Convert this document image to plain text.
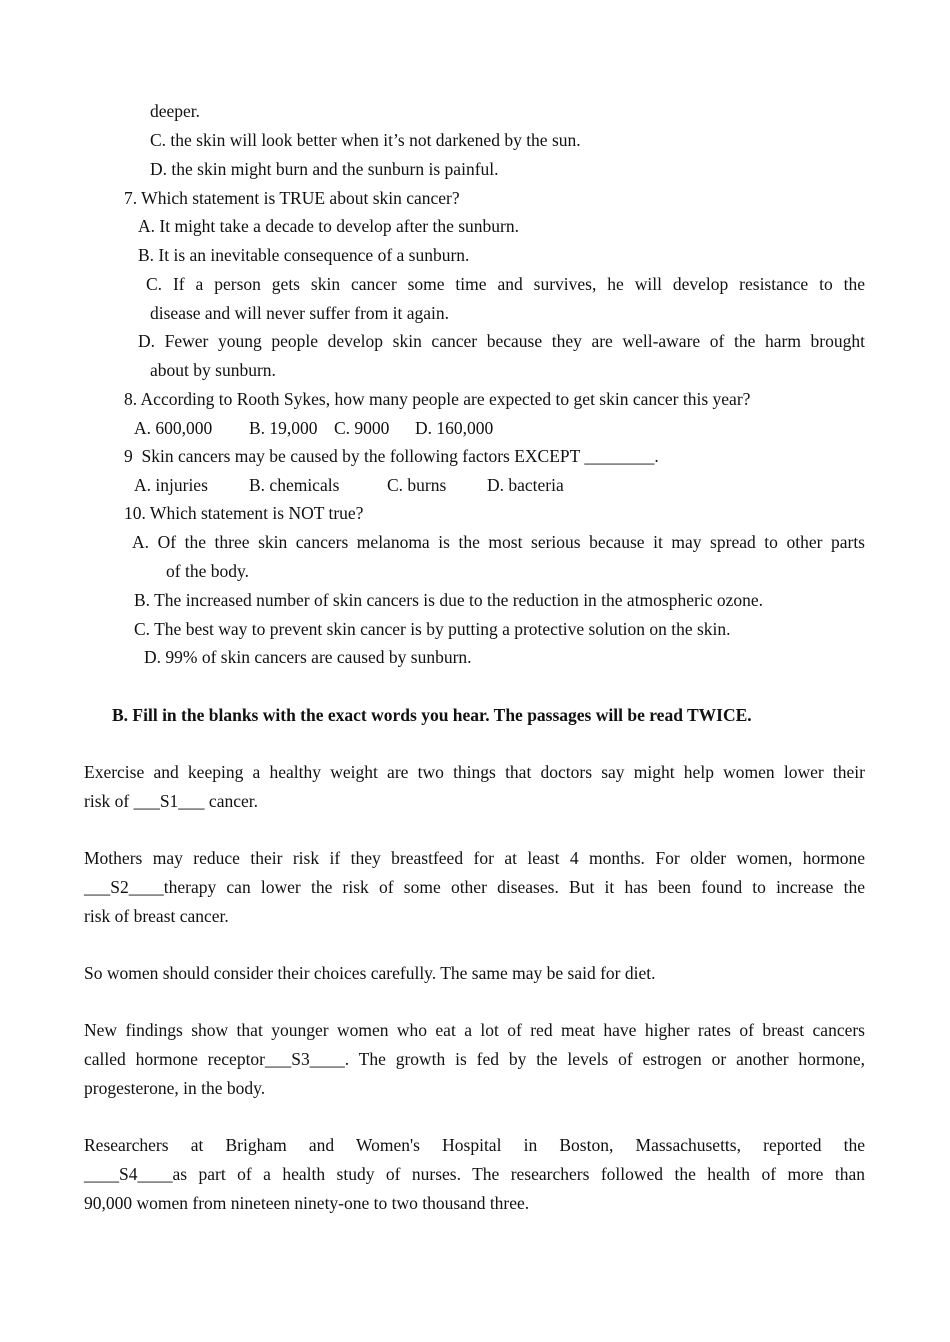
deeper.
C. the skin will look better when it’s not darkened by the sun.
D. the skin might burn and the sunburn is painful.
7. Which statement is TRUE about skin cancer?
A. It might take a decade to develop after the sunburn.
B. It is an inevitable consequence of a sunburn.
C. If a person gets skin cancer some time and survives, he will develop resistance to the
disease and will never suffer from it again.
D. Fewer young people develop skin cancer because they are well-aware of the harm brought
about by sunburn.
8. According to Rooth Sykes, how many people are expected to get skin cancer this year?
A. 600,000 B. 19,000 C. 9000 D. 160,000
9  Skin cancers may be caused by the following factors EXCEPT ________.
A. injuries B. chemicals	C. burns D. bacteria
10. Which statement is NOT true?
A. Of the three skin cancers melanoma is the most serious because it may spread to other parts
of the body.
B. The increased number of skin cancers is due to the reduction in the atmospheric ozone.
C. The best way to prevent skin cancer is by putting a protective solution on the skin.
D. 99% of skin cancers are caused by sunburn.
B. Fill in the blanks with the exact words you hear. The passages will be read TWICE.
Exercise and keeping a healthy weight are two things that doctors say might help women lower their
risk of ___S1___ cancer.
Mothers may reduce their risk if they breastfeed for at least 4 months. For older women, hormone
___S2____therapy can lower the risk of some other diseases. But it has been found to increase the
risk of breast cancer.
So women should consider their choices carefully. The same may be said for diet.
New findings show that younger women who eat a lot of red meat have higher rates of breast cancers
called hormone receptor___S3____. The growth is fed by the levels of estrogen or another hormone,
progesterone, in the body.
Researchers at Brigham and Women's Hospital in Boston, Massachusetts, reported the
____S4____as part of a health study of nurses. The researchers followed the health of more than
90,000 women from nineteen ninety-one to two thousand three.
